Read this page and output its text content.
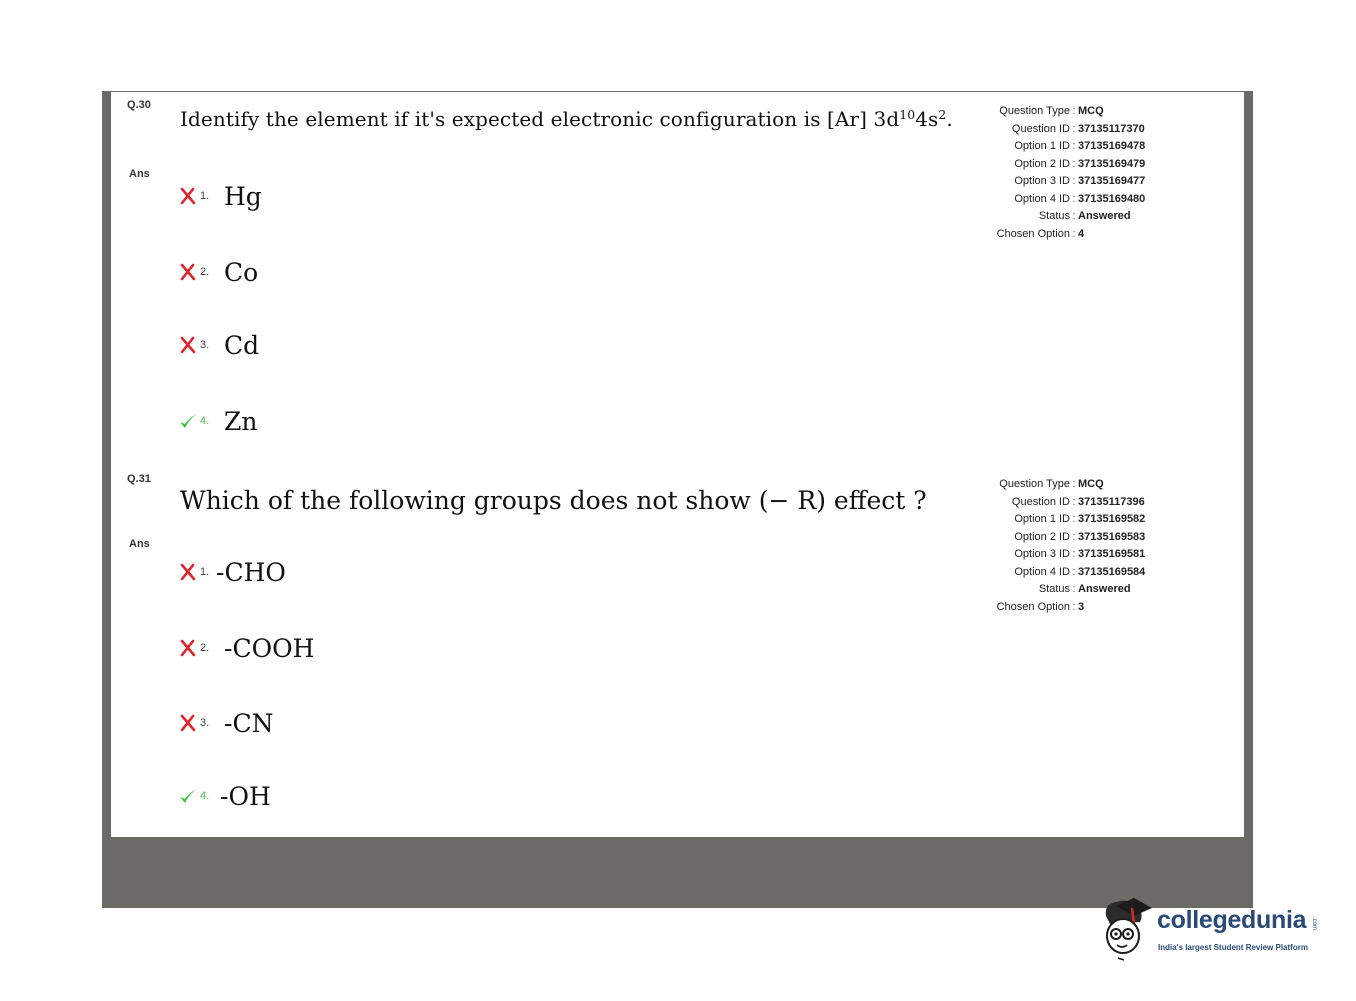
Q.30
Ans
Identify the element if it's expected electronic configuration is [Ar] $3d^{10}4s^2$.
1. Hg
2. Co
3. Cd
4. Zn
Question Type : MCQ
Question ID : 37135117370
Option 1 ID : 37135169478
Option 2 ID : 37135169479
Option 3 ID : 37135169477
Option 4 ID : 37135169480
Status : Answered
Chosen Option : 4
Q.31
Ans
Which of the following groups does not show (− R) effect ?
1. -CHO
2. -COOH
3. -CN
4. -OH
Question Type : MCQ
Question ID : 37135117396
Option 1 ID : 37135169582
Option 2 ID : 37135169583
Option 3 ID : 37135169581
Option 4 ID : 37135169584
Status : Answered
Chosen Option : 3
collegedunia .com
India's largest Student Review Platform
